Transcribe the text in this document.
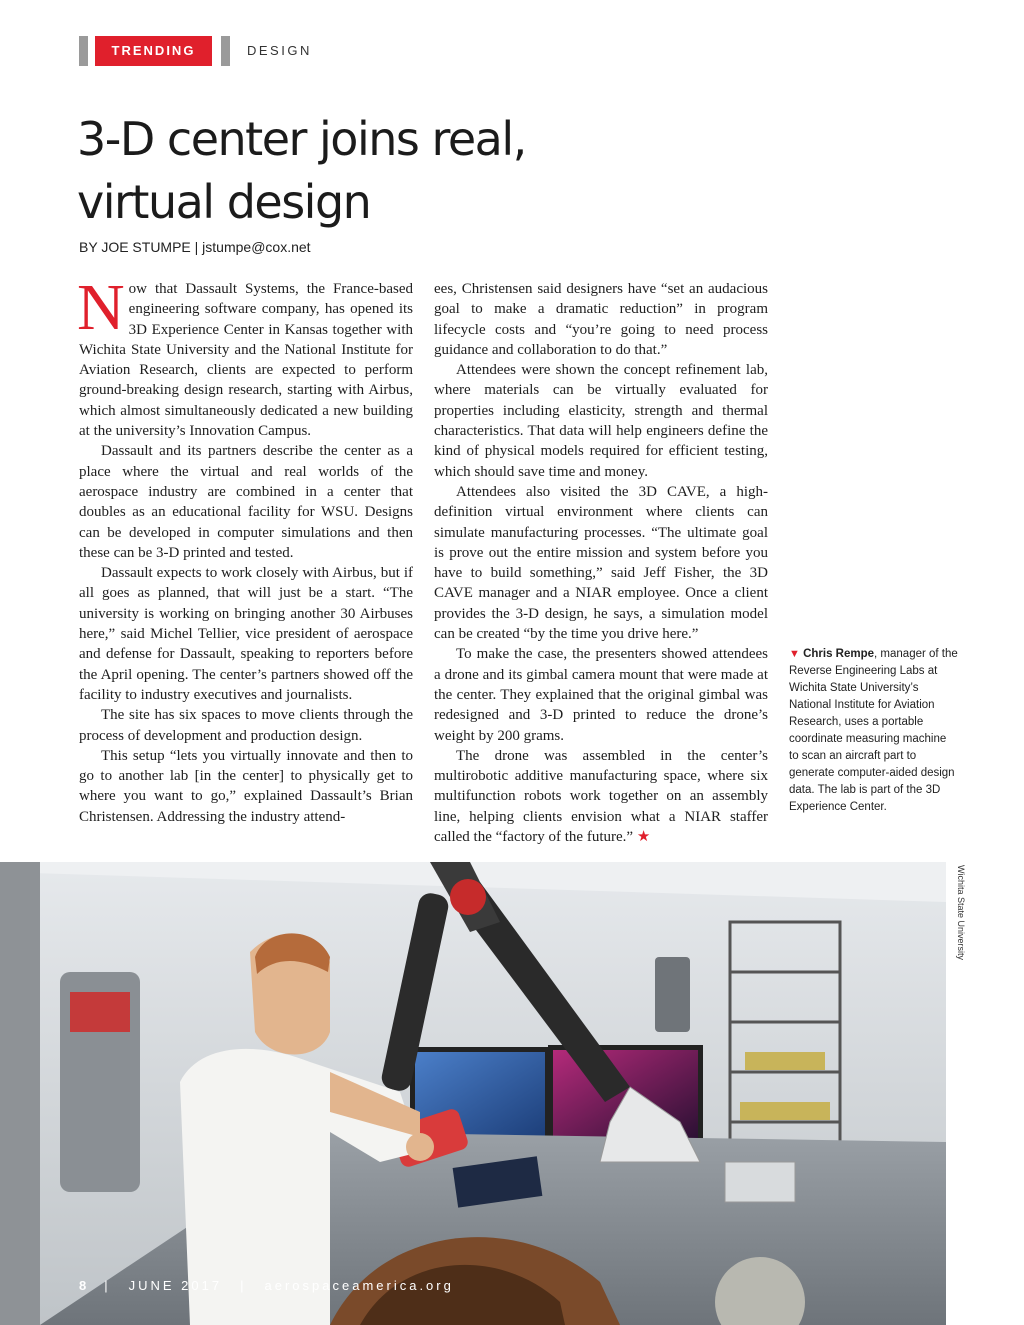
TRENDING	DESIGN
3-D center joins real,
virtual design
BY JOE STUMPE | jstumpe@cox.net

Now that Dassault Systems, the France-based engineering software company, has opened its 3D Experience Center in Kansas together with Wichita State University and the National Institute for Aviation Research, clients are expected to perform ground-breaking design research, starting with Airbus, which almost simultaneously dedicated a new building at the university’s Innovation Campus.

Dassault and its partners describe the center as a place where the virtual and real worlds of the aerospace industry are combined in a center that doubles as an educational facility for WSU. Designs can be developed in computer simulations and then these can be 3-D printed and tested.

Dassault expects to work closely with Airbus, but if all goes as planned, that will just be a start. “The university is working on bringing another 30 Airbuses here,” said Michel Tellier, vice president of aerospace and defense for Dassault, speaking to reporters before the April opening. The center’s partners showed off the facility to industry executives and journalists.

The site has six spaces to move clients through the process of development and production design.

This setup “lets you virtually innovate and then to go to another lab [in the center] to physically get to where you want to go,” explained Dassault’s Brian Christensen. Addressing the industry attend-

ees, Christensen said designers have “set an audacious goal to make a dramatic reduction” in program lifecycle costs and “you’re going to need process guidance and collaboration to do that.”

Attendees were shown the concept refinement lab, where materials can be virtually evaluated for properties including elasticity, strength and thermal characteristics. That data will help engineers define the kind of physical models required for efficient testing, which should save time and money.

Attendees also visited the 3D CAVE, a high-definition virtual environment where clients can simulate manufacturing processes. “The ultimate goal is prove out the entire mission and system before you have to build something,” said Jeff Fisher, the 3D CAVE manager and a NIAR employee. Once a client provides the 3-D design, he says, a simulation model can be created “by the time you drive here.”

To make the case, the presenters showed attendees a drone and its gimbal camera mount that were made at the center. They explained that the original gimbal was redesigned and 3-D printed to reduce the drone’s weight by 200 grams.

The drone was assembled in the center’s multirobotic additive manufacturing space, where six multifunction robots work together on an assembly line, helping clients envision what a NIAR staffer called the “factory of the future.” ★

▼ Chris Rempe, manager of the Reverse Engineering Labs at Wichita State University’s National Institute for Aviation Research, uses a portable coordinate measuring machine to scan an aircraft part to generate computer-aided design data. The lab is part of the 3D Experience Center.
Wichita State University
8 | JUNE 2017 | aerospaceamerica.org
